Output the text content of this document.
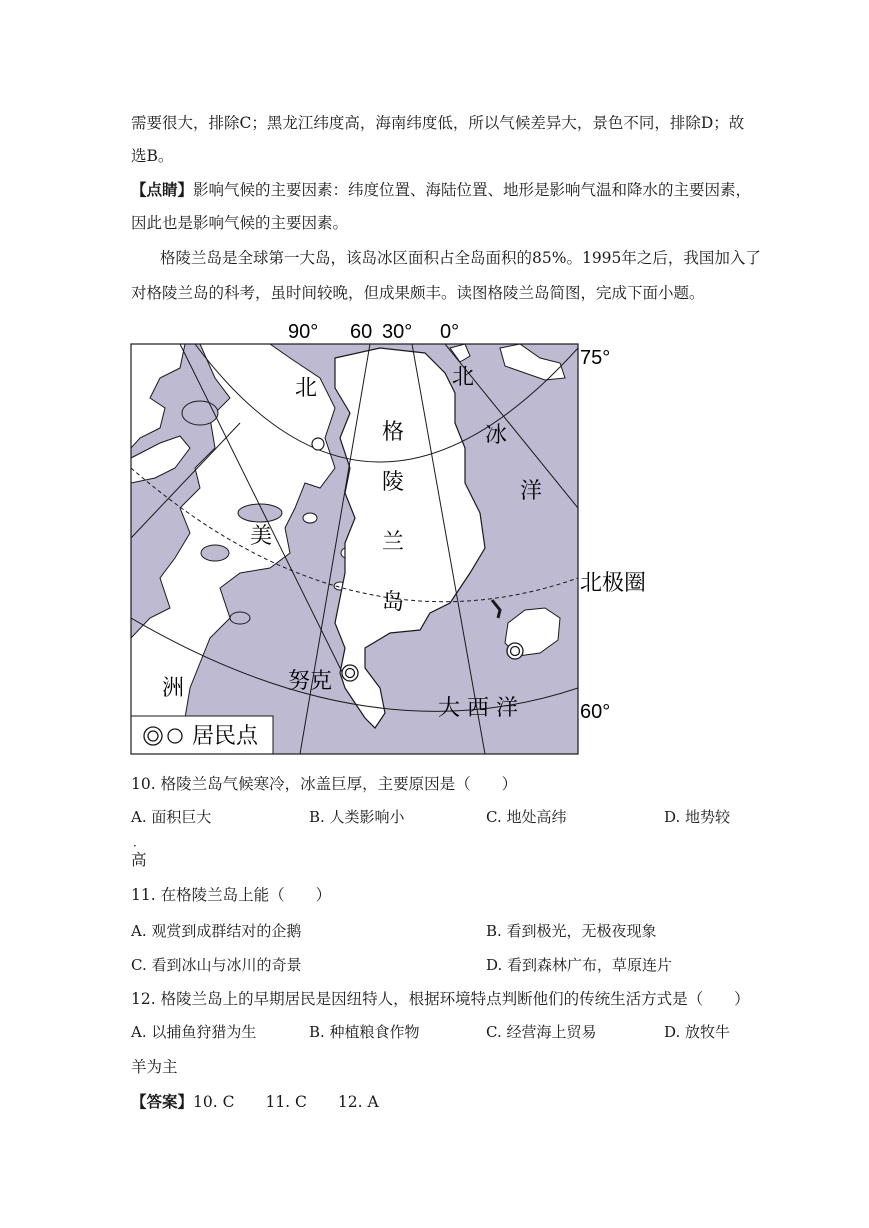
需要很大，排除C；黑龙江纬度高，海南纬度低，所以气候差异大，景色不同，排除D；故
选B。
【点睛】影响气候的主要因素：纬度位置、海陆位置、地形是影响气温和降水的主要因素，
因此也是影响气候的主要因素。
格陵兰岛是全球第一大岛，该岛冰区面积占全岛面积的85%。1995年之后，我国加入了
对格陵兰岛的科考，虽时间较晚，但成果颇丰。读图格陵兰岛简图，完成下面小题。
90° 60 30° 0°
75°
60°
北极圈
格
陵
兰
岛
北
冰
洋
北
美
洲
大 西 洋
努克
居民点
10. 格陵兰岛气候寒冷，冰盖巨厚，主要原因是（　　）
A. 面积巨大	B. 人类影响小	C. 地处高纬	D. 地势较
·
高
11. 在格陵兰岛上能（　　）
A. 观赏到成群结对的企鹅	B. 看到极光，无极夜现象
C. 看到冰山与冰川的奇景	D. 看到森林广布，草原连片
12. 格陵兰岛上的早期居民是因纽特人，根据环境特点判断他们的传统生活方式是（　　）
A. 以捕鱼狩猎为生	B. 种植粮食作物	C. 经营海上贸易	D. 放牧牛
羊为主
【答案】10. C　　11. C　　12. A
